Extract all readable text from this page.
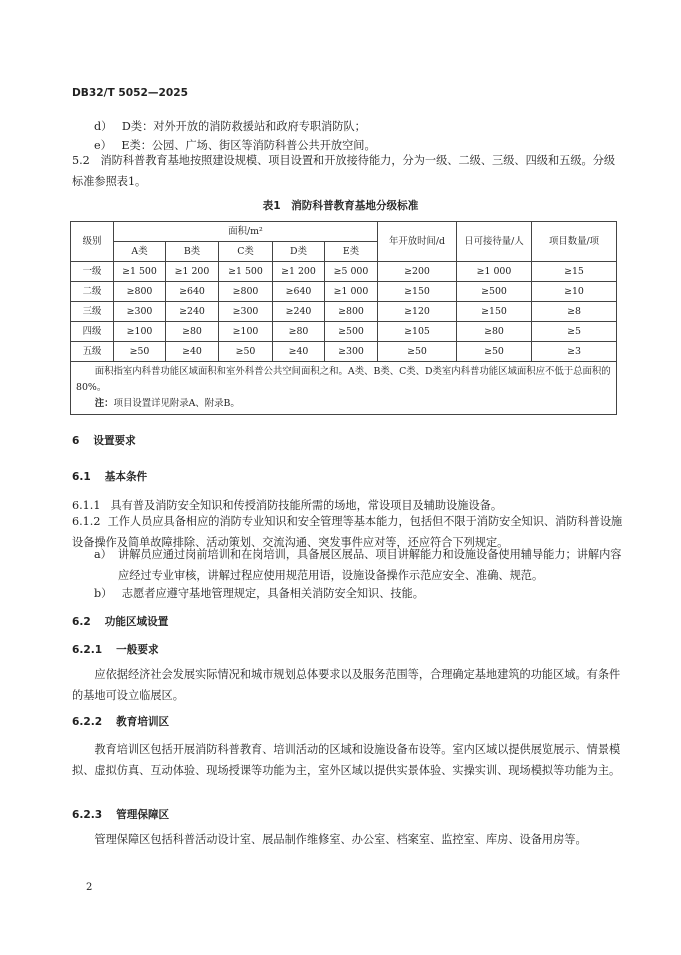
DB32/T 5052—2025
d） D类：对外开放的消防救援站和政府专职消防队；
e） E类：公园、广场、街区等消防科普公共开放空间。
5.2 消防科普教育基地按照建设规模、项目设置和开放接待能力，分为一级、二级、三级、四级和五级。分级标准参照表1。
表1　消防科普教育基地分级标准
级别	面积/m²					年开放时间/d	日可接待量/人	项目数量/项
	A类	B类	C类	D类	E类			
一级	≥1 500	≥1 200	≥1 500	≥1 200	≥5 000	≥200	≥1 000	≥15
二级	≥800	≥640	≥800	≥640	≥1 000	≥150	≥500	≥10
三级	≥300	≥240	≥300	≥240	≥800	≥120	≥150	≥8
四级	≥100	≥80	≥100	≥80	≥500	≥105	≥80	≥5
五级	≥50	≥40	≥50	≥40	≥300	≥50	≥50	≥3

面积指室内科普功能区域面积和室外科普公共空间面积之和。A类、B类、C类、D类室内科普功能区域面积应不低于总面积的80%。
注：项目设置详见附录A、附录B。								
6 设置要求
6.1 基本条件
6.1.1 具有普及消防安全知识和传授消防技能所需的场地，常设项目及辅助设施设备。
6.1.2 工作人员应具备相应的消防专业知识和安全管理等基本能力，包括但不限于消防安全知识、消防科普设施设备操作及简单故障排除、活动策划、交流沟通、突发事件应对等，还应符合下列规定。
a） 讲解员应通过岗前培训和在岗培训，具备展区展品、项目讲解能力和设施设备使用辅导能力；讲解内容应经过专业审核，讲解过程应使用规范用语，设施设备操作示范应安全、准确、规范。
b） 志愿者应遵守基地管理规定，具备相关消防安全知识、技能。
6.2 功能区域设置
6.2.1 一般要求
应依据经济社会发展实际情况和城市规划总体要求以及服务范围等，合理确定基地建筑的功能区域。有条件的基地可设立临展区。
6.2.2 教育培训区
教育培训区包括开展消防科普教育、培训活动的区域和设施设备布设等。室内区域以提供展览展示、情景模拟、虚拟仿真、互动体验、现场授课等功能为主，室外区域以提供实景体验、实操实训、现场模拟等功能为主。
6.2.3 管理保障区
管理保障区包括科普活动设计室、展品制作维修室、办公室、档案室、监控室、库房、设备用房等。
2
